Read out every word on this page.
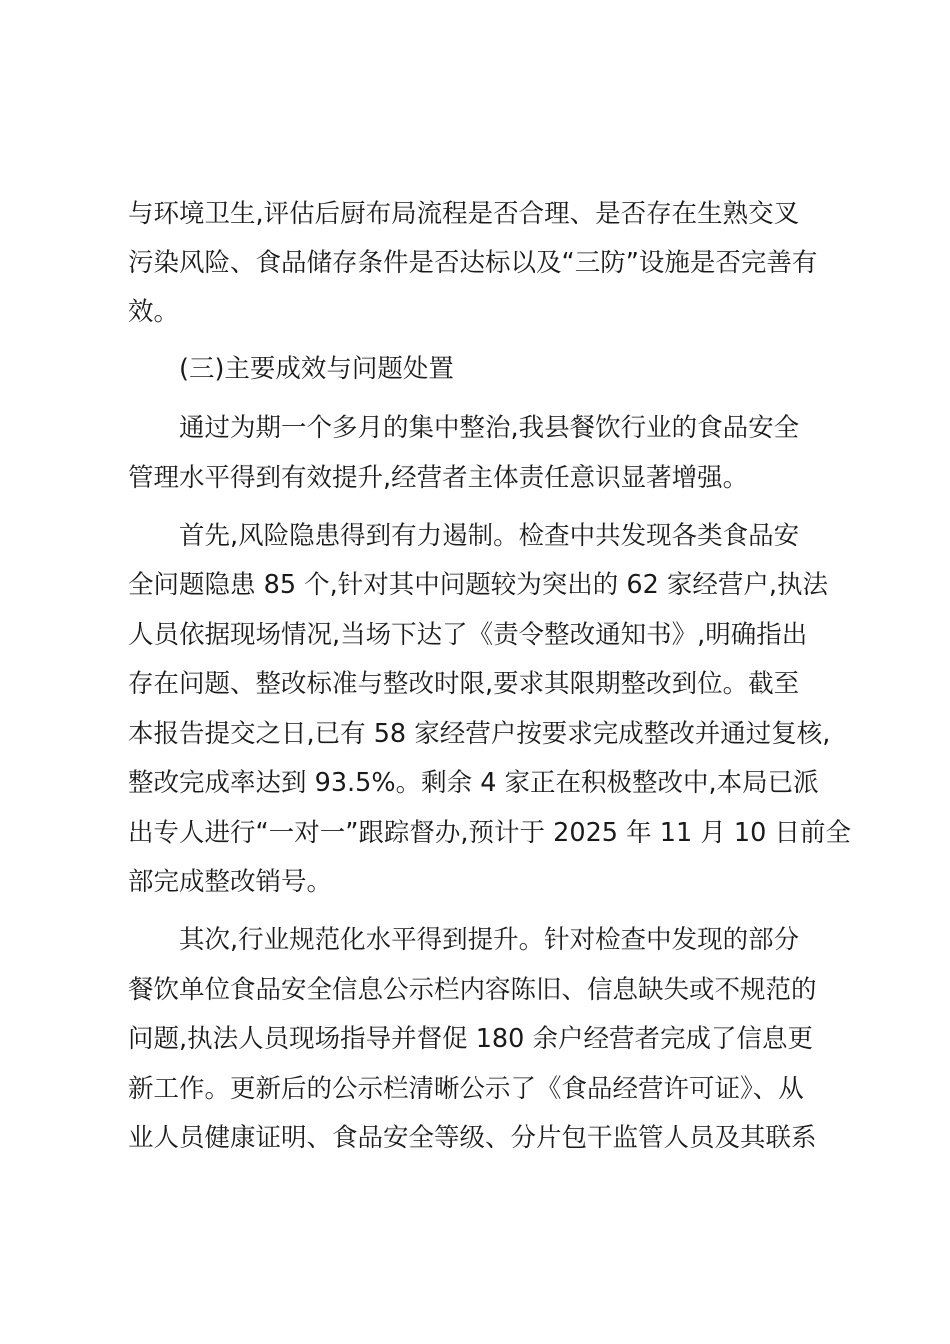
与环境卫生,评估后厨布局流程是否合理、是否存在生熟交叉

污染风险、食品储存条件是否达标以及“三防”设施是否完善有

效。

(三)主要成效与问题处置

通过为期一个多月的集中整治,我县餐饮行业的食品安全

管理水平得到有效提升,经营者主体责任意识显著增强。

首先,风险隐患得到有力遏制。检查中共发现各类食品安

全问题隐患 85 个,针对其中问题较为突出的 62 家经营户,执法

人员依据现场情况,当场下达了《责令整改通知书》,明确指出

存在问题、整改标准与整改时限,要求其限期整改到位。截至

本报告提交之日,已有 58 家经营户按要求完成整改并通过复核,

整改完成率达到 93.5%。剩余 4 家正在积极整改中,本局已派

出专人进行“一对一”跟踪督办,预计于 2025 年 11 月 10 日前全

部完成整改销号。

其次,行业规范化水平得到提升。针对检查中发现的部分

餐饮单位食品安全信息公示栏内容陈旧、信息缺失或不规范的

问题,执法人员现场指导并督促 180 余户经营者完成了信息更

新工作。更新后的公示栏清晰公示了《食品经营许可证》、从

业人员健康证明、食品安全等级、分片包干监管人员及其联系
